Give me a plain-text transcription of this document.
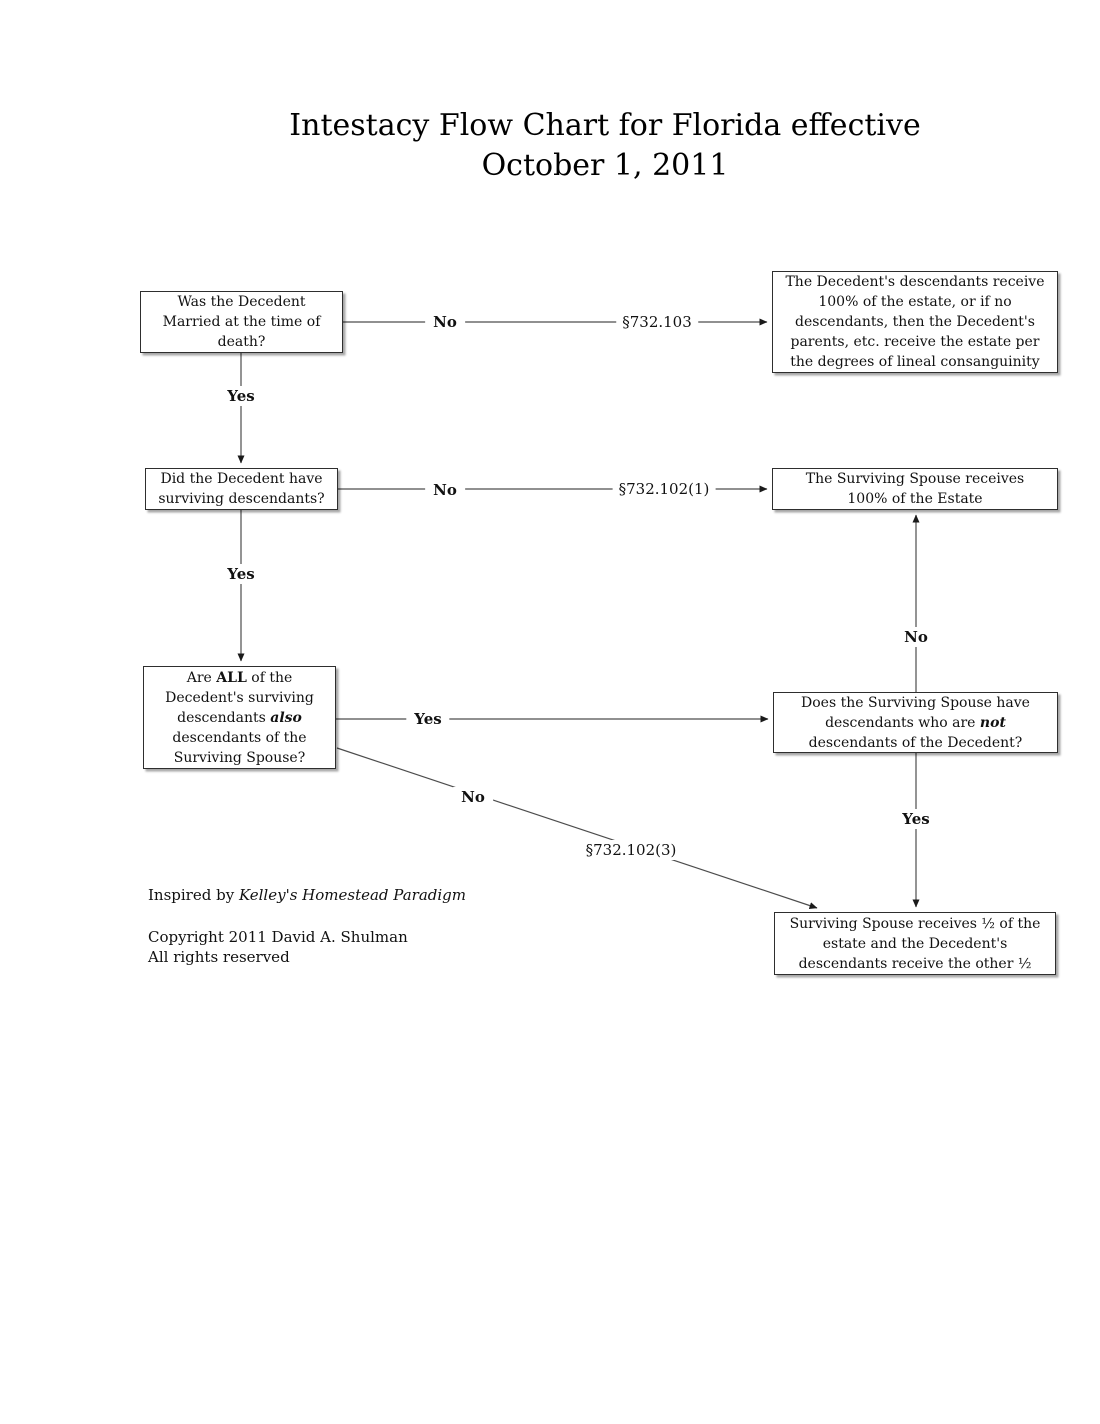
Intestacy Flow Chart for Florida effective
October 1, 2011
Was the Decedent
Married at the time of
death?
The Decedent's descendants receive
100% of the estate, or if no
descendants, then the Decedent's
parents, etc. receive the estate per
the degrees of lineal consanguinity
Did the Decedent have
surviving descendants?
The Surviving Spouse receives
100% of the Estate
Are ALL of the
Decedent's surviving
descendants also
descendants of the
Surviving Spouse?
Does the Surviving Spouse have
descendants who are not
descendants of the Decedent?
Surviving Spouse receives ½ of the
estate and the Decedent's
descendants receive the other ½
No	§732.103
Yes
No	§732.102(1)
Yes
Yes
No
§732.102(3)
No
Yes
Inspired by Kelley's Homestead Paradigm
Copyright 2011 David A. Shulman
All rights reserved
